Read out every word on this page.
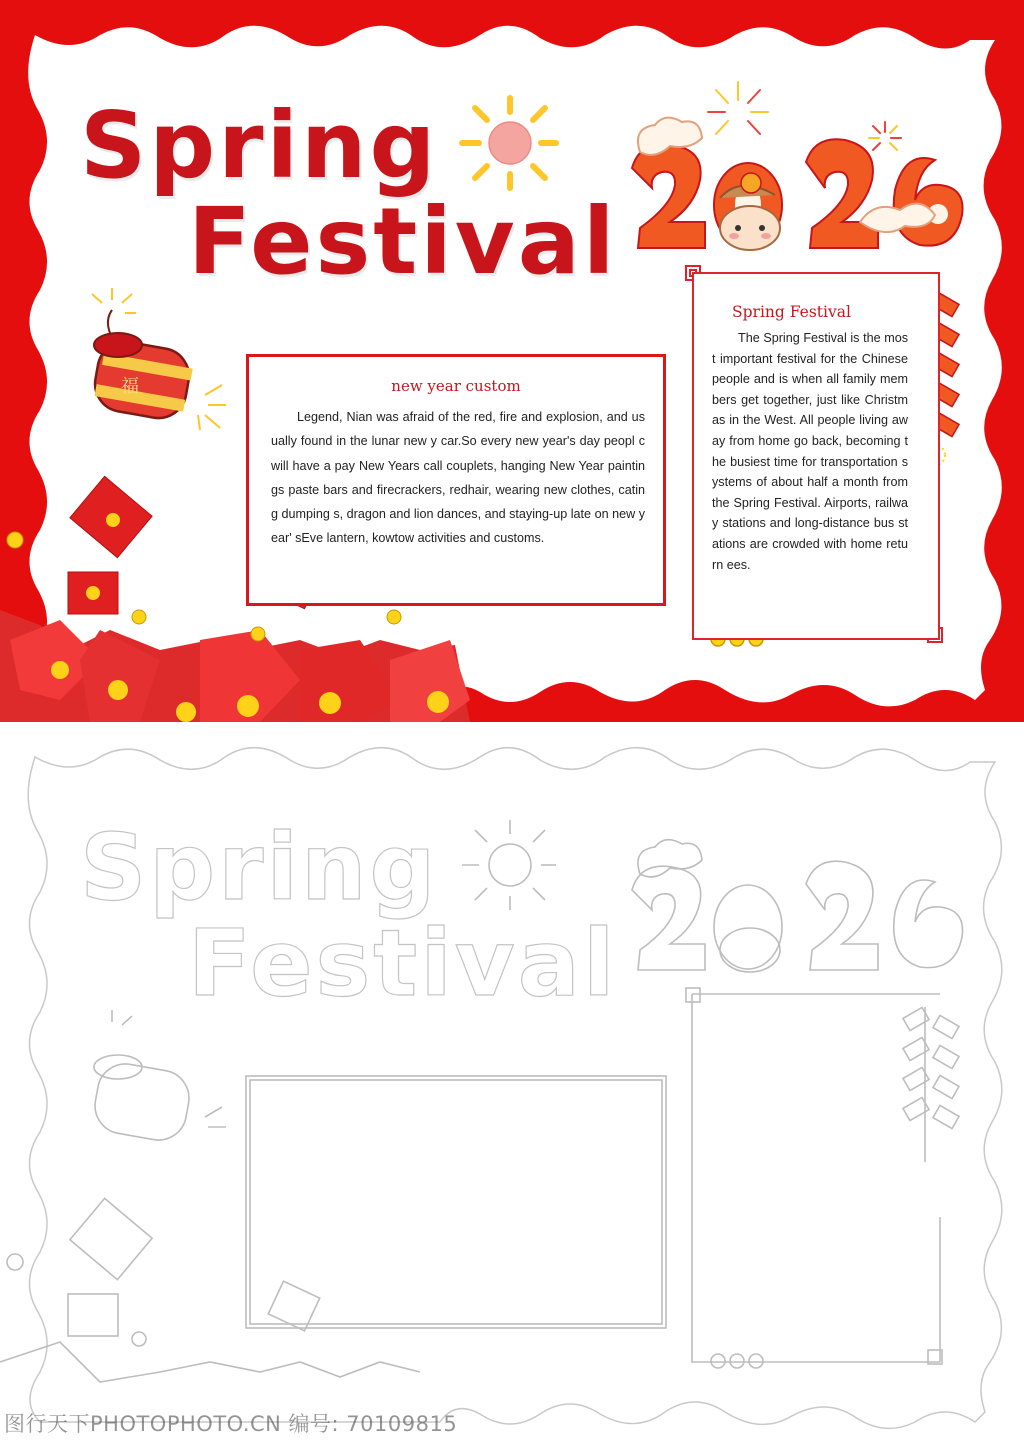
福
Spring
Festival
new year custom
Legend, Nian was afraid of the red, fire and explosion, and usually found in the lunar new y car.So every new year's day peopl c will have a pay New Years call couplets, hanging New Year paintings paste bars and firecrackers, redhair, wearing new clothes, cating dumping s, dragon and lion dances, and staying-up late on new year' sEve lantern, kowtow activities and customs.
Spring Festival
The Spring Festival is the most important festival for the Chinese people and is when all family members get together, just like Christmas in the West. All people living away from home go back, becoming the busiest time for transportation systems of about half a month from the Spring Festival. Airports, railway stations and long-distance bus stations are crowded with home return ees.
Spring
Festival
图行天下PHOTOPHOTO.CN 编号: 70109815
